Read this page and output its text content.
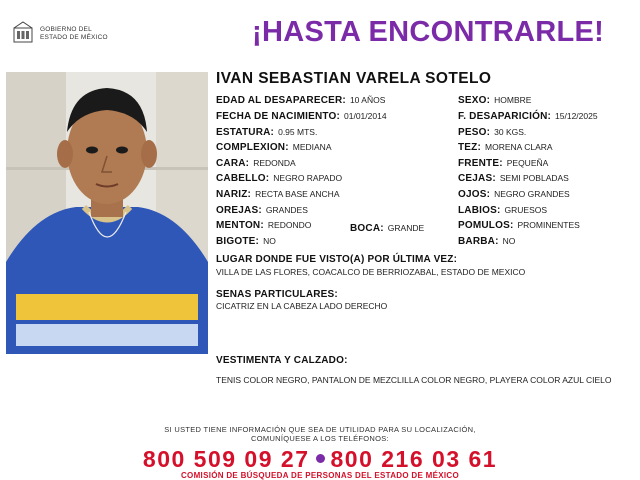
GOBIERNO DEL
ESTADO DE MÉXICO	¡HASTA ENCONTRARLE!
IVAN SEBASTIAN VARELA SOTELO
EDAD AL DESAPARECER: 10 AÑOS
FECHA DE NACIMIENTO: 01/01/2014
ESTATURA: 0.95 MTS.
COMPLEXION: MEDIANA
CARA: REDONDA
CABELLO: NEGRO RAPADO
NARIZ: RECTA BASE ANCHA
OREJAS: GRANDES
MENTON: REDONDO	BOCA: GRANDE
BIGOTE: NO
SEXO: HOMBRE
F. DESAPARICIÓN: 15/12/2025
PESO: 30 KGS.
TEZ: MORENA CLARA
FRENTE: PEQUEÑA
CEJAS: SEMI POBLADAS
OJOS: NEGRO GRANDES
LABIOS: GRUESOS
POMULOS: PROMINENTES
BARBA: NO
LUGAR DONDE FUE VISTO(A) POR ÚLTIMA VEZ:
VILLA DE LAS FLORES, COACALCO DE BERRIOZABAL, ESTADO DE MEXICO
SENAS PARTICULARES:
CICATRIZ EN LA CABEZA LADO DERECHO
VESTIMENTA Y CALZADO:
TENIS COLOR NEGRO, PANTALON DE MEZCLILLA COLOR NEGRO, PLAYERA COLOR AZUL CIELO
SI USTED TIENE INFORMACIÓN QUE SEA DE UTILIDAD PARA SU LOCALIZACIÓN,
COMUNÍQUESE A LOS TELÉFONOS:
800 509 09 27 800 216 03 61
COMISIÓN DE BÚSQUEDA DE PERSONAS DEL ESTADO DE MÉXICO
